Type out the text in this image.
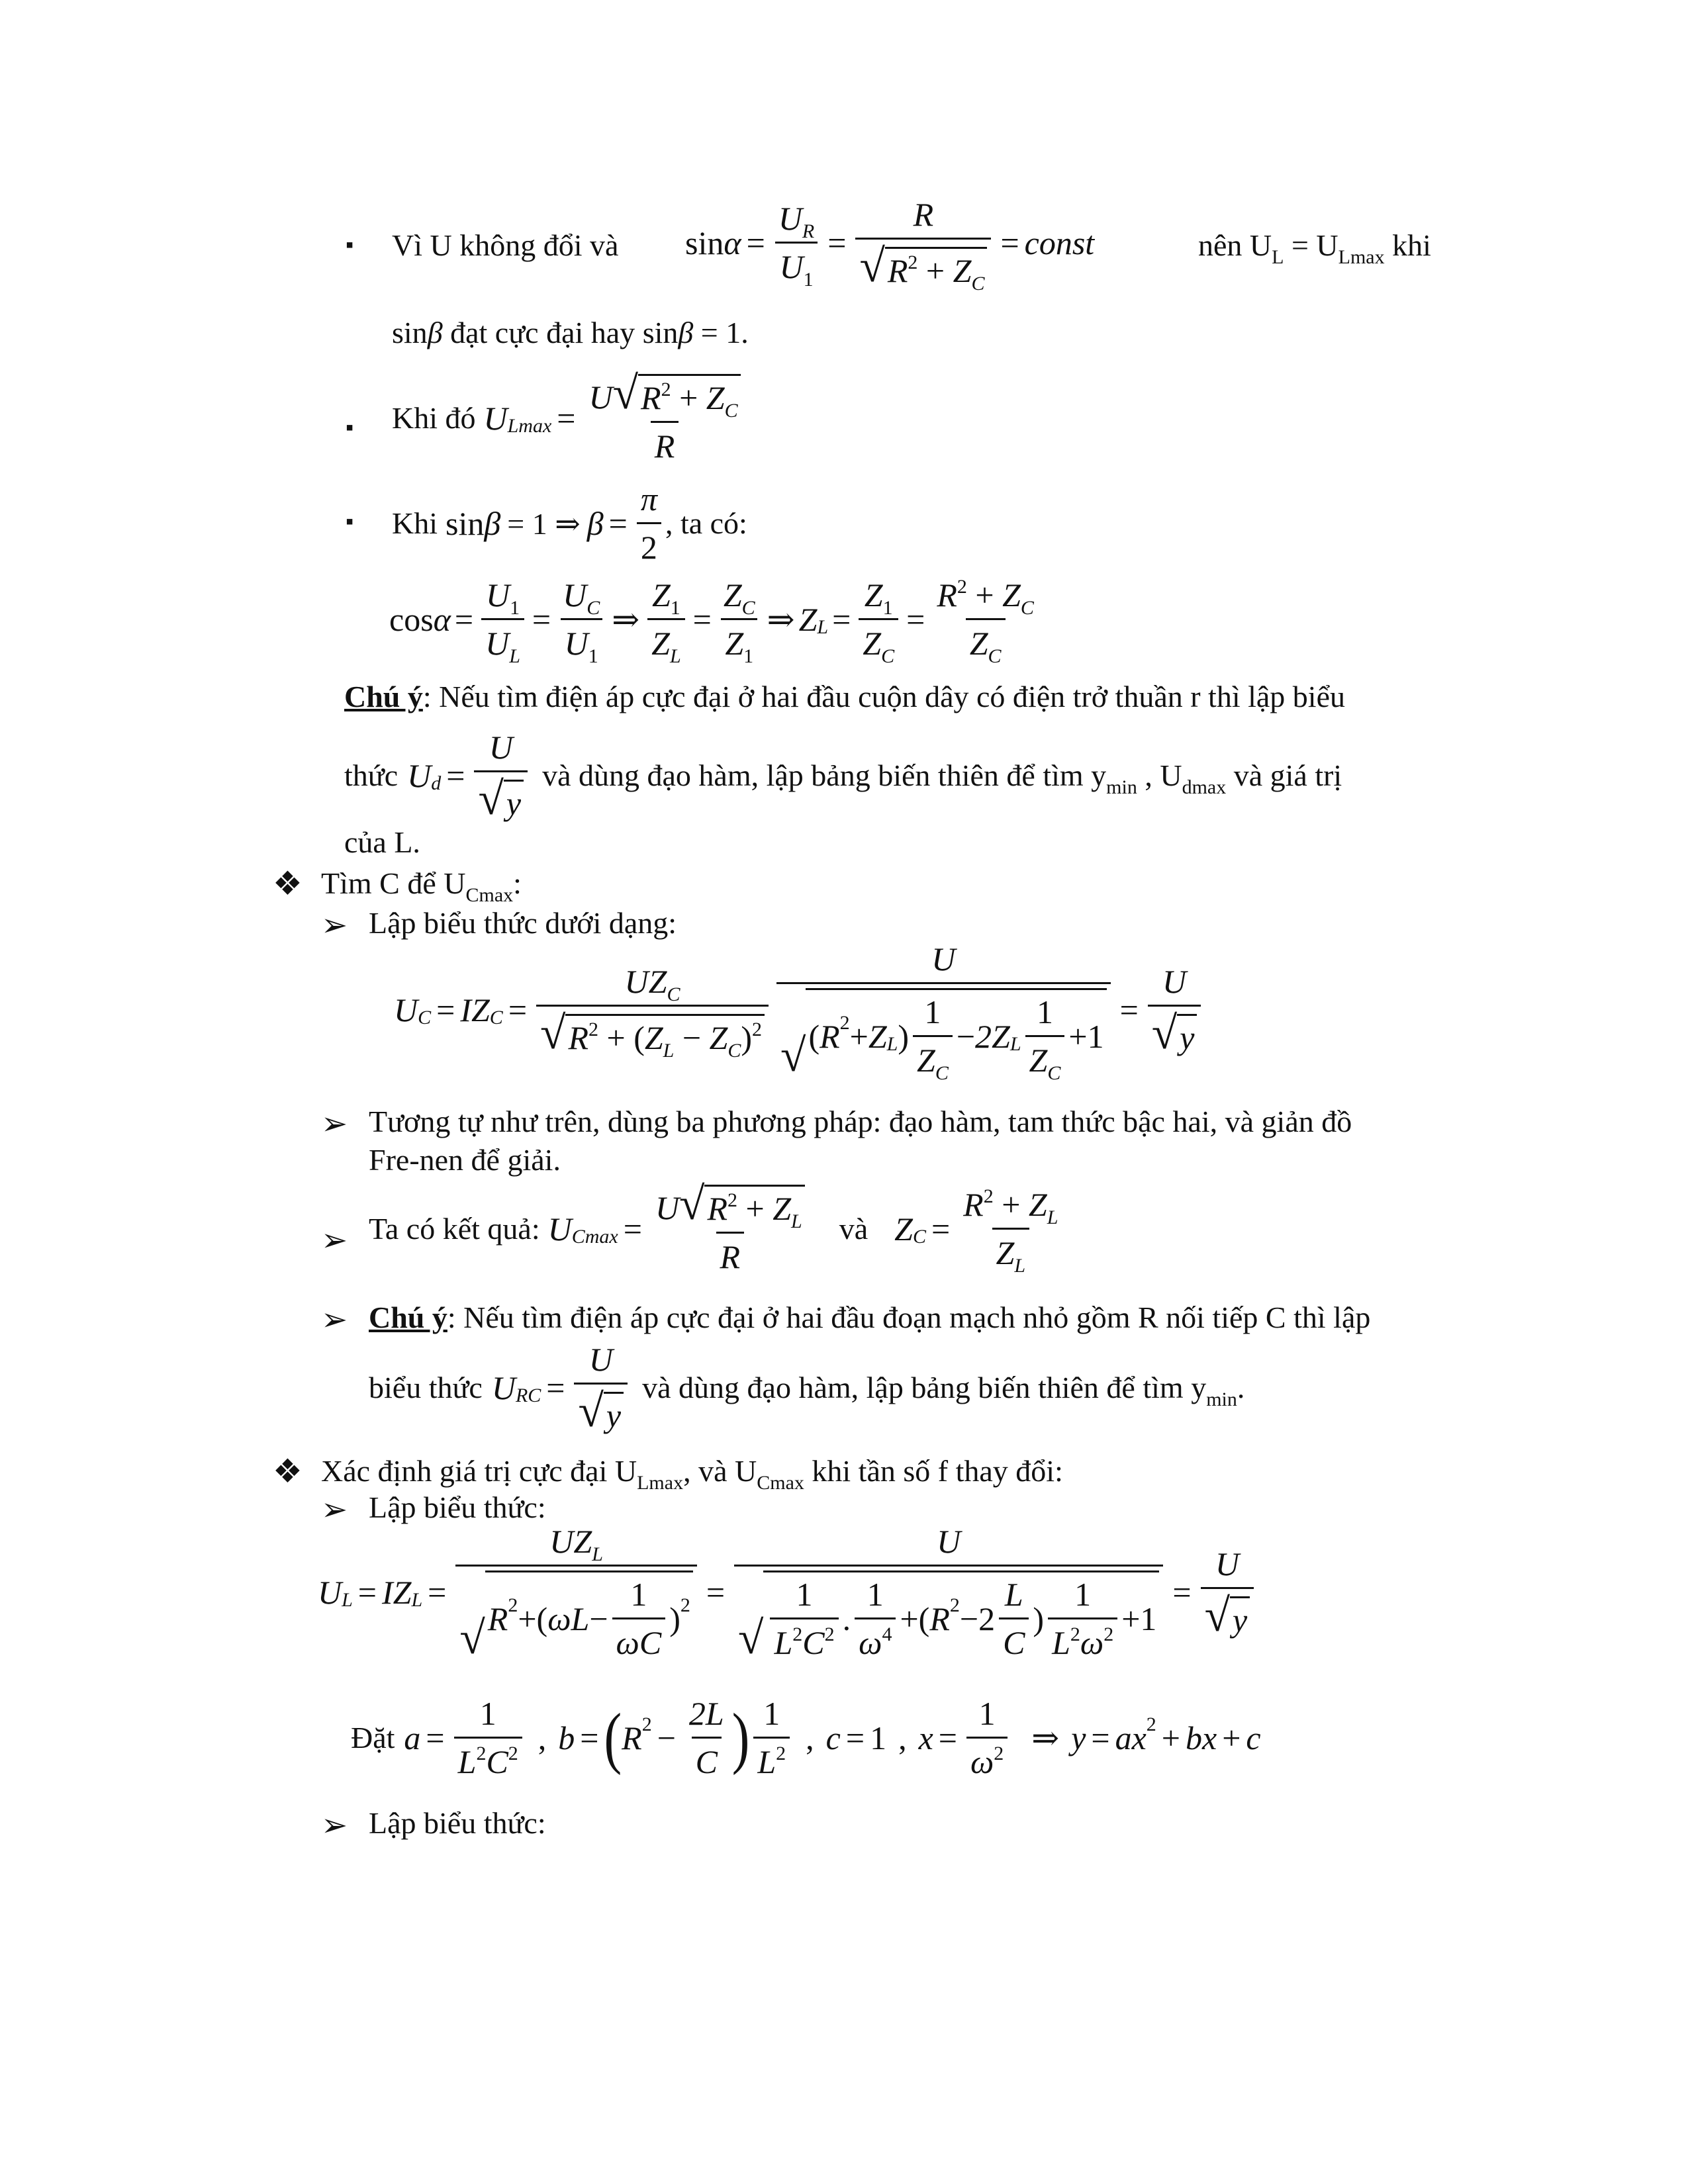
▪ Vì U không đổi và $\sin \alpha = \frac{U_R}{U_1} = \frac{R}{√ R^2 + Z_C}$ = const	nên $U_L = U_{Lmax}$ khi
sinβ đạt cực đại hay sinβ = 1.
▪ Khi đó U $Lmax = \frac{U √ R^2 + Z_C}{R}$
▪ Khi sin β = 1 ⇒ $\beta = \frac{\pi}{2}$ , ta có:
$\cos \alpha = \frac{U_1}{U_L} = \frac{U_C}{U_1}$ ⇒ $\frac{Z_1}{Z_L} = \frac{Z_C}{Z_1}$ ⇒ Z $L = \frac{Z_1}{Z_C} = \frac{R^2 + Z_C}{Z_C}$
Chú ý: Nếu tìm điện áp cực đại ở hai đầu cuộn dây có điện trở thuần r thì lập biểu
thức U $d = \frac{U}{√ y}$ và dùng đạo hàm, lập bảng biến thiên để tìm $y_{min}$ , $U_{dmax}$ và giá trị
của L.
❖ Tìm C để $U_{Cmax}$:
➢ Lập biểu thức dưới dạng:
U C = IZ $C = \frac{UZ_C}{√ R^2 + (Z_L - Z_C)^2} \frac{U}{√ ( R 2 + Z L ) \frac{1}{Z_C} - 2Z L \frac{1}{Z_C} + 1} = \frac{U}{√ y}$
➢ Tương tự như trên, dùng ba phương pháp: đạo hàm, tam thức bậc hai, và giản đồ
Fre-nen để giải.
➢ Ta có kết quả: U $Cmax = \frac{U √ R^2 + Z_L}{R}$ và Z $C = \frac{R^2 + Z_L}{Z_L}$
➢ Chú ý: Nếu tìm điện áp cực đại ở hai đầu đoạn mạch nhỏ gồm R nối tiếp C thì lập
biểu thức U RC = $\frac{U}{√ y}$ và dùng đạo hàm, lập bảng biến thiên để tìm $y_{min}$.
❖ Xác định giá trị cực đại $U_{Lmax}$, và $U_{Cmax}$ khi tần số f thay đổi:
➢ Lập biểu thức:
U L = IZ $L = \frac{UZ_L}{√ R 2 + ( \omega L - \frac{1}{\omega C} ) 2} = \frac{U}{√ \frac{1}{L^2C^2} . \frac{1}{\omega^4} + ( R 2 - 2 \frac{L}{C} ) \frac{1}{L^2\omega^2} + 1} = \frac{U}{√ y}$
Đặt $a = \frac{1}{L^2C^2}$ , b = ( R $2 - \frac{2L}{C}$ ) $\frac{1}{L^2}$ , c = 1 , $x = \frac{1}{\omega^2}$ ⇒ y = a x 2 + b x + c
➢ Lập biểu thức:
